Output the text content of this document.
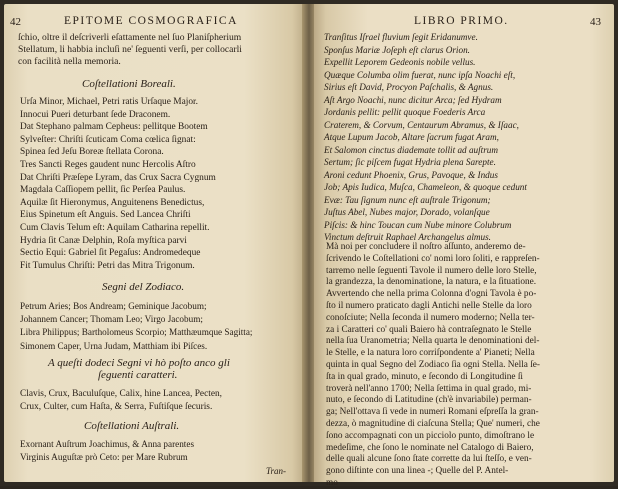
42	EPITOME COSMOGRAFICA
ſchio, oltre il deſcriverli eſattamente nel ſuo Planiſpherium
Stellatum, li habbia incluſi ne' ſeguenti verſi, per collocarli
con facilità nella memoria.
Coſtellationi Boreali.
Urſa Minor, Michael, Petri ratis Urſaque Major.
Innocui Pueri deturbant ſede Draconem.
Dat Stephano palmam Cepheus: pellitque Bootem
Sylveſter: Chriſti ſcuticam Coma cœlica ſignat:
Spinea ſed Jeſu Boreæ ſtellata Corona.
Tres Sancti Reges gaudent nunc Hercolis Aſtro
Dat Chriſti Præſepe Lyram, das Crux Sacra Cygnum
Magdala Caſſiopem pellit, ſic Perſea Paulus.
Aquilæ ſit Hieronymus, Anguitenens Benedictus,
Eius Spinetum eſt Anguis. Sed Lancea Chriſti
Cum Clavis Telum eſt: Aquilam Catharina repellit.
Hydria ſit Canæ Delphin, Roſa myſtica parvi
Sectio Equi: Gabriel ſit Pegaſus: Andromedeque
Fit Tumulus Chriſti: Petri das Mitra Trigonum.
Segni del Zodiaco.
Petrum Aries; Bos Andream; Geminique Jacobum;
Johannem Cancer; Thomam Leo; Virgo Jacobum;
Libra Philippus; Bartholomeus Scorpio; Matthæumque Sagitta;
Simonem Caper, Urna Judam, Matthiam ibi Piſces.
A queſti dodeci Segni vi hò poſto anco gli
ſeguenti caratteri.
Clavis, Crux, Baculuſque, Calix, hine Lancea, Pecten,
Crux, Culter, cum Haſta, & Serra, Fuſtiſque ſecuris.
Coſtellationi Auſtrali.
Exornant Auſtrum Joachimus, & Anna parentes
Virginis Auguſtæ prò Ceto: per Mare Rubrum
Tran-
LIBRO PRIMO.	43
Tranſitus Iſrael fluvium ſegit Eridanumve.
Sponſus Mariæ Joſeph eſt clarus Orion.
Expellit Leporem Gedeonis nobile vellus.
Quæque Columba olim fuerat, nunc ipſa Noachi eſt,
Sirius eſt David, Procyon Paſchalis, & Agnus.
Aſt Argo Noachi, nunc dicitur Arca; ſed Hydram
Jordanis pellit: pellit quoque Foederis Arca
Craterem, & Corvum, Centaurum Abramus, & Iſaac,
Atque Lupum Jacob, Altare ſacrum fugat Aram,
Et Salomon cinctus diademate tollit ad auſtrum
Sertum; ſic piſcem fugat Hydria plena Sarepte.
Aroni cedunt Phoenix, Grus, Pavoque, & Indus
Job; Apis Iudica, Muſca, Chameleon, & quoque cedunt
Evæ: Tau ſignum nunc eſt auſtrale Trigonum;
Juſtus Abel, Nubes major, Dorado, volanſque
Piſcis: & hinc Toucan cum Nube minore Colubrum
Vinctum deſtruit Raphael Archangelus almus.
Mà noi per concludere il noſtro aſſunto, anderemo de-
ſcrivendo le Coſtellationi co' nomi loro ſoliti, e rappreſen-
tarremo nelle ſeguenti Tavole il numero delle loro Stelle,
la grandezza, la denominatione, la natura, e la ſituatione.
Avvertendo che nella prima Colonna d'ogni Tavola è po-
ſto il numero praticato dagli Antichi nelle Stelle da loro
conoſciute; Nella ſeconda il numero moderno; Nella ter-
za i Caratteri co' quali Baiero hà contraſegnato le Stelle
nella ſua Uranometria; Nella quarta le denominationi del-
le Stelle, e la natura loro corriſpondente a' Pianeti; Nella
quinta in qual Segno del Zodiaco ſia ogni Stella. Nella ſe-
ſta in qual grado, minuto, e ſecondo di Longitudine ſi
troverà nell'anno 1700; Nella ſettima in qual grado, mi-
nuto, e ſecondo di Latitudine (ch'è invariabile) perman-
ga; Nell'ottava ſi vede in numeri Romani eſpreſſa la gran-
dezza, ò magnitudine di ciaſcuna Stella; Que' numeri, che
ſono accompagnati con un picciolo punto, dimoſtrano le
medeſime, che ſono le nominate nel Catalogo di Baiero,
delle quali alcune ſono ſtate corrette da lui ſteſſo, e ven-
gono diſtinte con una linea -; Quelle del P. Antel-
mo
